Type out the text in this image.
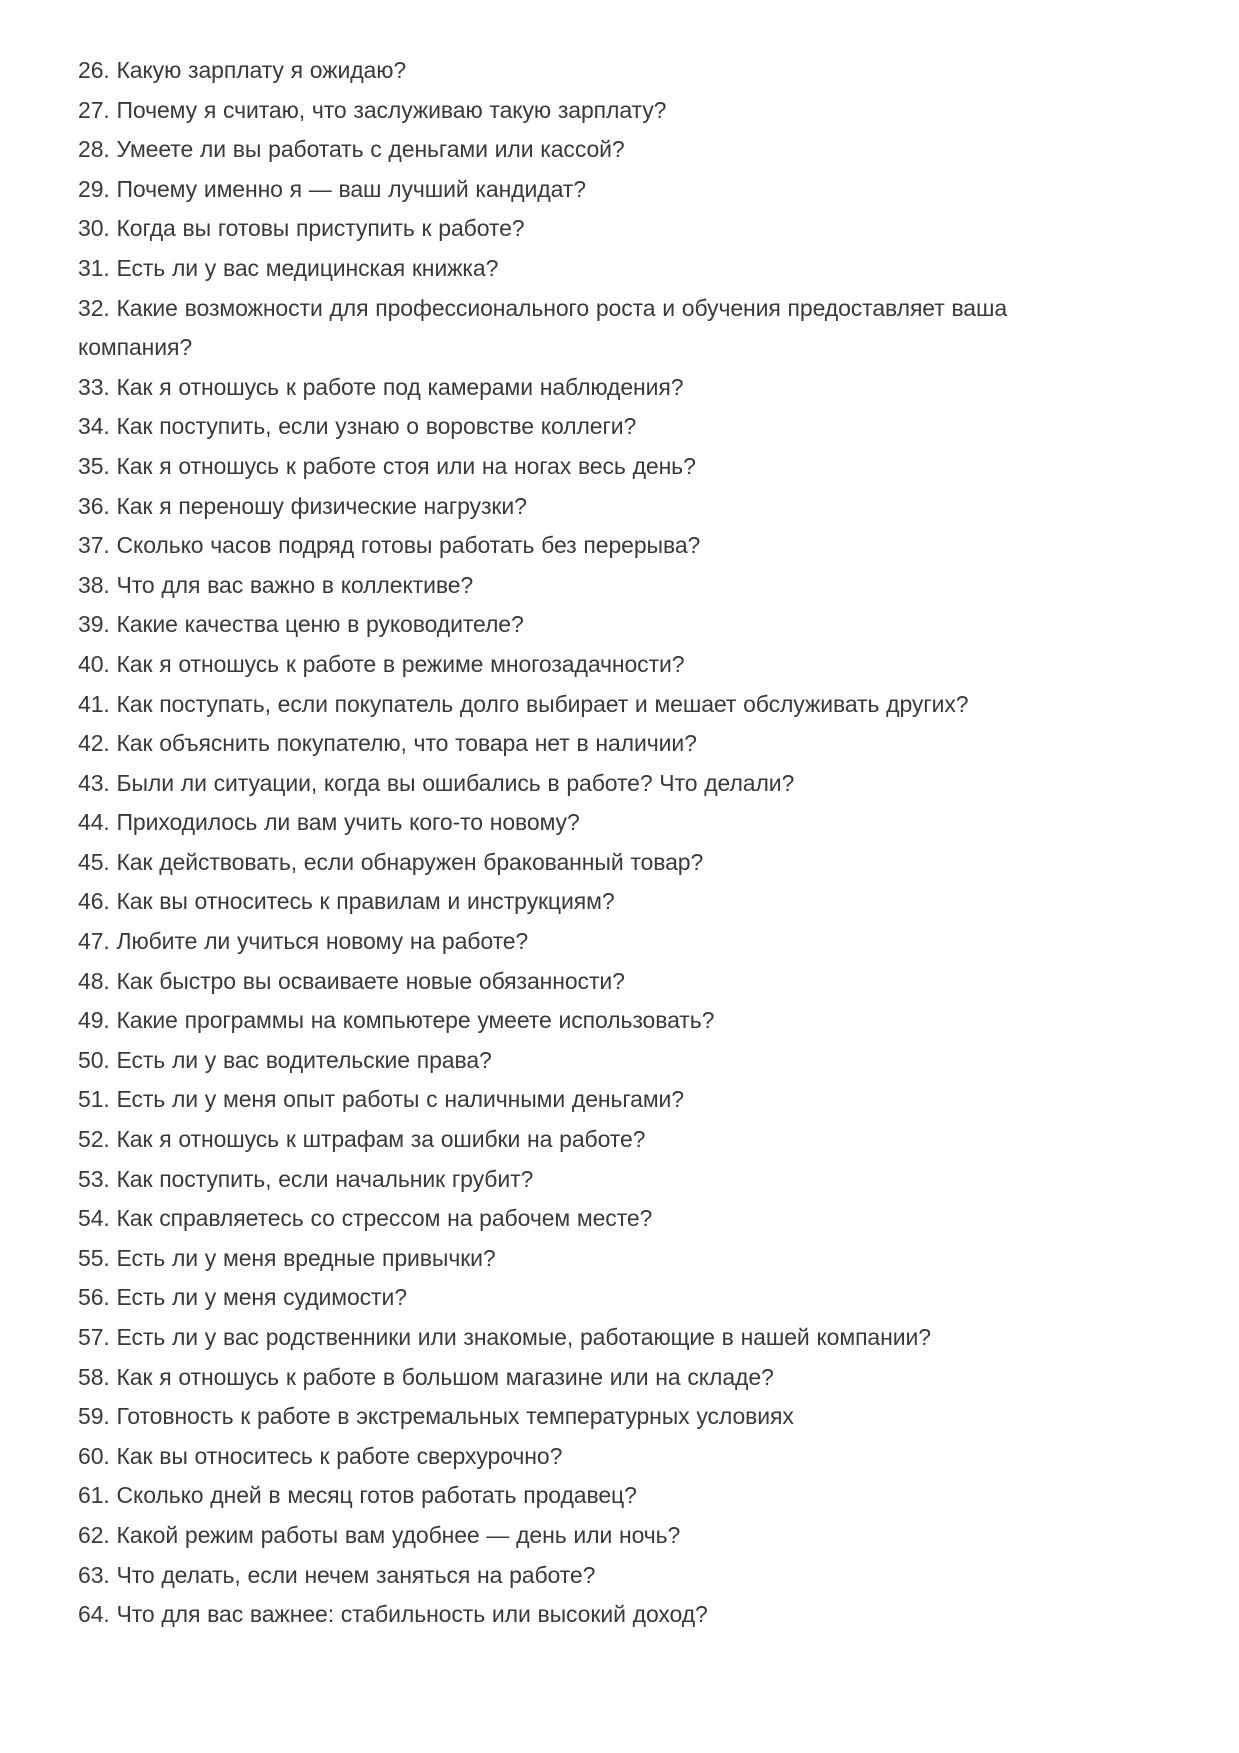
26. Какую зарплату я ожидаю?
27. Почему я считаю, что заслуживаю такую зарплату?
28. Умеете ли вы работать с деньгами или кассой?
29. Почему именно я — ваш лучший кандидат?
30. Когда вы готовы приступить к работе?
31. Есть ли у вас медицинская книжка?
32. Какие возможности для профессионального роста и обучения предоставляет ваша компания?
33. Как я отношусь к работе под камерами наблюдения?
34. Как поступить, если узнаю о воровстве коллеги?
35. Как я отношусь к работе стоя или на ногах весь день?
36. Как я переношу физические нагрузки?
37. Сколько часов подряд готовы работать без перерыва?
38. Что для вас важно в коллективе?
39. Какие качества ценю в руководителе?
40. Как я отношусь к работе в режиме многозадачности?
41. Как поступать, если покупатель долго выбирает и мешает обслуживать других?
42. Как объяснить покупателю, что товара нет в наличии?
43. Были ли ситуации, когда вы ошибались в работе? Что делали?
44. Приходилось ли вам учить кого-то новому?
45. Как действовать, если обнаружен бракованный товар?
46. Как вы относитесь к правилам и инструкциям?
47. Любите ли учиться новому на работе?
48. Как быстро вы осваиваете новые обязанности?
49. Какие программы на компьютере умеете использовать?
50. Есть ли у вас водительские права?
51. Есть ли у меня опыт работы с наличными деньгами?
52. Как я отношусь к штрафам за ошибки на работе?
53. Как поступить, если начальник грубит?
54. Как справляетесь со стрессом на рабочем месте?
55. Есть ли у меня вредные привычки?
56. Есть ли у меня судимости?
57. Есть ли у вас родственники или знакомые, работающие в нашей компании?
58. Как я отношусь к работе в большом магазине или на складе?
59. Готовность к работе в экстремальных температурных условиях
60. Как вы относитесь к работе сверхурочно?
61. Сколько дней в месяц готов работать продавец?
62. Какой режим работы вам удобнее — день или ночь?
63. Что делать, если нечем заняться на работе?
64. Что для вас важнее: стабильность или высокий доход?
